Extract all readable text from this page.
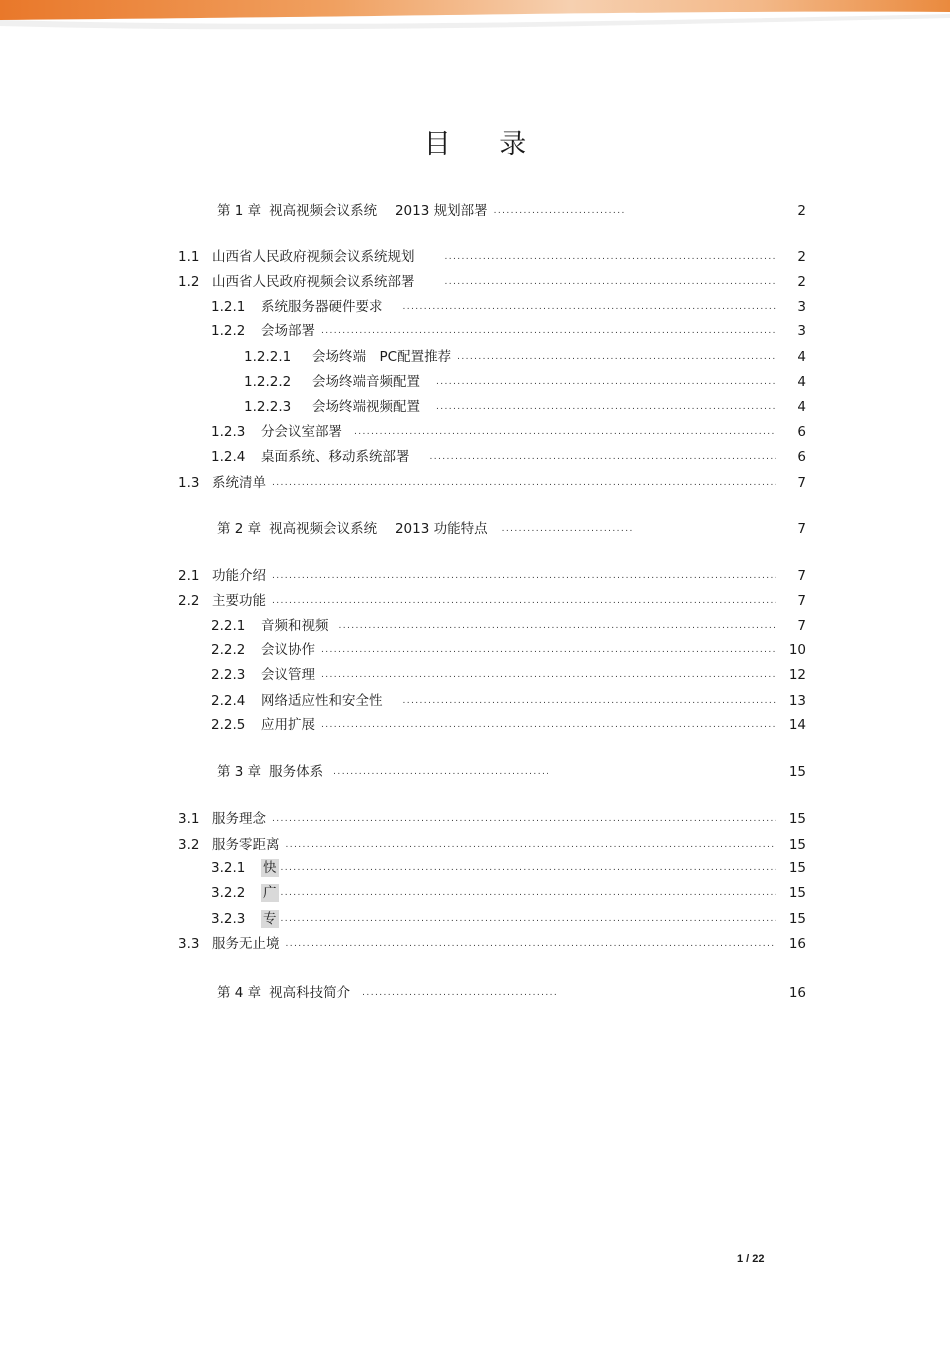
目 录
第 1 章 视高视频会议系统　 2013 规划部署 .....	2
1.1 山西省人民政府视频会议系统规划 .....	2
1.2 山西省人民政府视频会议系统部署 .....	2
1.2.1	系统服务器硬件要求 .....	3
1.2.2	会场部署 .....	3
1.2.2.1	会场终端　PC配置推荐 .....	4
1.2.2.2	会场终端音频配置 .....	4
1.2.2.3	会场终端视频配置 .....	4
1.2.3	分会议室部署 .....	6
1.2.4	桌面系统、移动系统部署 .....	6
1.3 系统清单 .....	7
第 2 章 视高视频会议系统　 2013 功能特点 .....	7
2.1 功能介绍 .....	7
2.2 主要功能 .....	7
2.2.1	音频和视频 .....	7
2.2.2	会议协作 .....	10
2.2.3	会议管理 .....	12
2.2.4	网络适应性和安全性 .....	13
2.2.5	应用扩展 .....	14
第 3 章 服务体系 .....	15
3.1 服务理念 .....	15
3.2 服务零距离 .....	15
3.2.1	快 .....	15
3.2.2	广 .....	15
3.2.3	专 .....	15
3.3 服务无止境 .....	16
第 4 章 视高科技简介 .....	16
1 / 22
